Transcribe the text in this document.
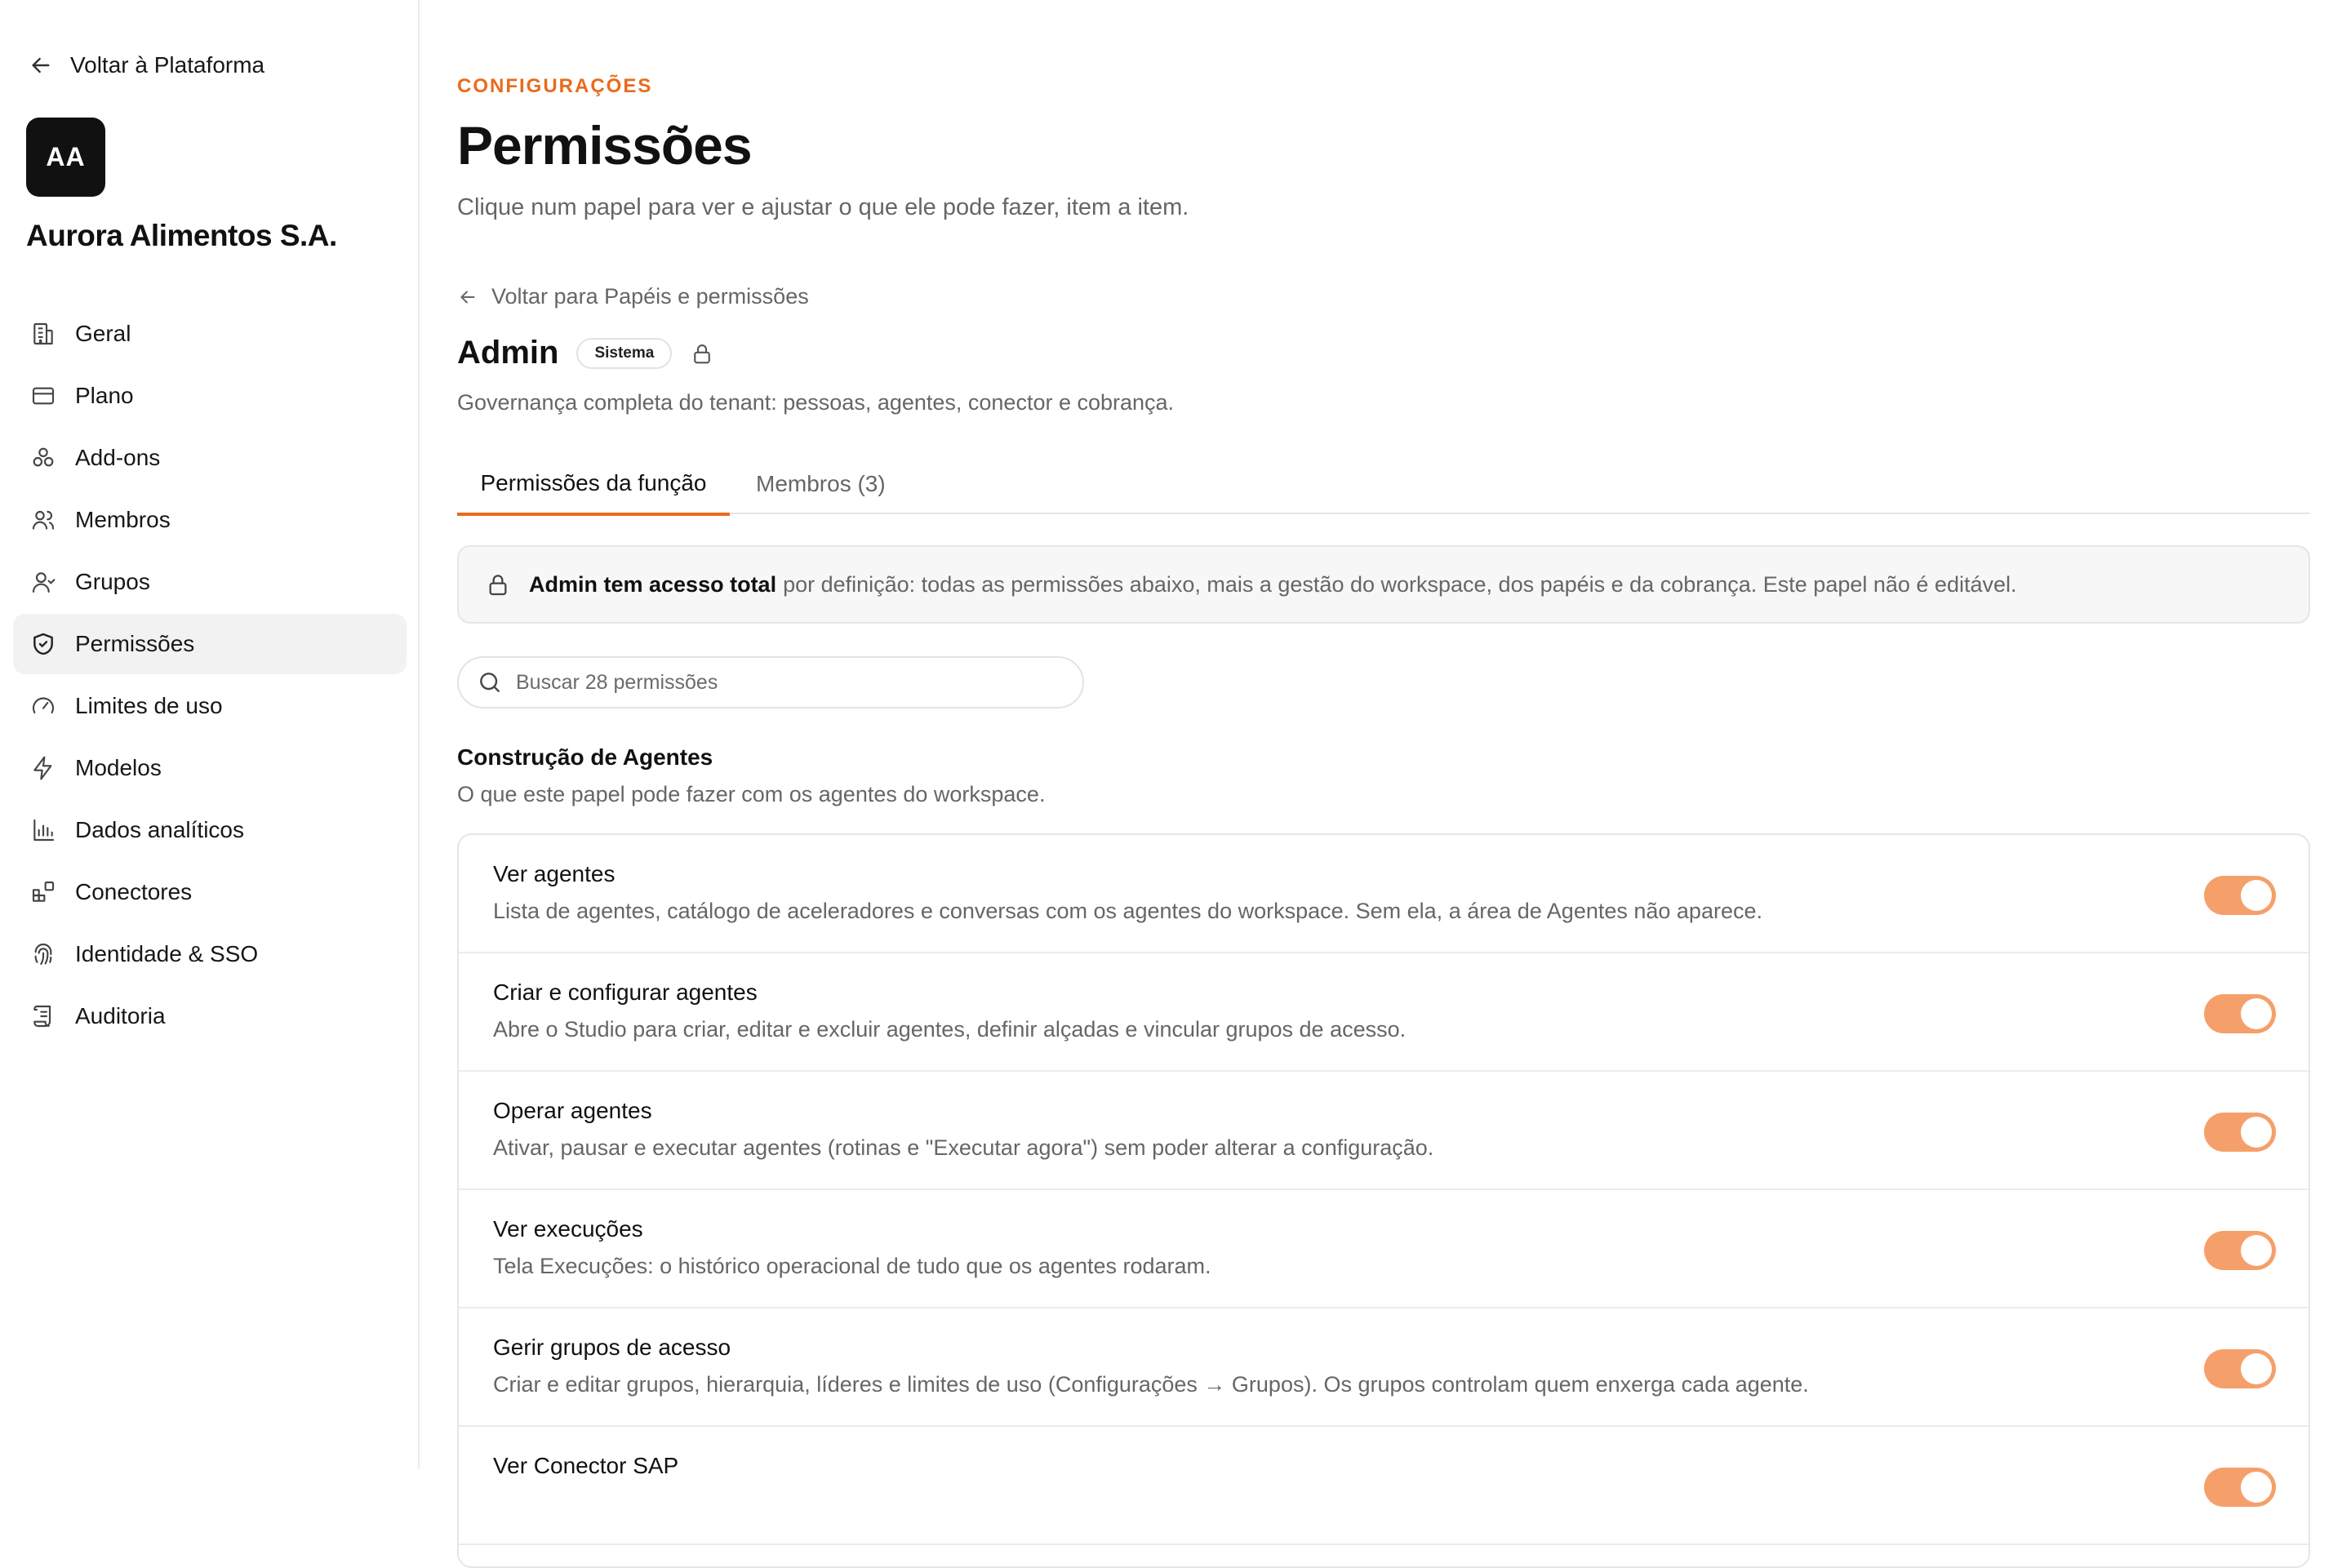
Voltar à Plataforma
AA
Aurora Alimentos S.A.
Geral
Plano
Add-ons
Membros
Grupos
Permissões
Limites de uso
Modelos
Dados analíticos
Conectores
Identidade & SSO
Auditoria
CONFIGURAÇÕES
Permissões
Clique num papel para ver e ajustar o que ele pode fazer, item a item.
Voltar para Papéis e permissões
Admin	Sistema
Governança completa do tenant: pessoas, agentes, conector e cobrança.
Permissões da função	Membros (3)
Admin tem acesso total por definição: todas as permissões abaixo, mais a gestão do workspace, dos papéis e da cobrança. Este papel não é editável.
Buscar 28 permissões
Construção de Agentes
O que este papel pode fazer com os agentes do workspace.
Ver agentes
Lista de agentes, catálogo de aceleradores e conversas com os agentes do workspace. Sem ela, a área de Agentes não aparece.
Criar e configurar agentes
Abre o Studio para criar, editar e excluir agentes, definir alçadas e vincular grupos de acesso.
Operar agentes
Ativar, pausar e executar agentes (rotinas e "Executar agora") sem poder alterar a configuração.
Ver execuções
Tela Execuções: o histórico operacional de tudo que os agentes rodaram.
Gerir grupos de acesso
Criar e editar grupos, hierarquia, líderes e limites de uso (Configurações → Grupos). Os grupos controlam quem enxerga cada agente.
Ver Conector SAP
